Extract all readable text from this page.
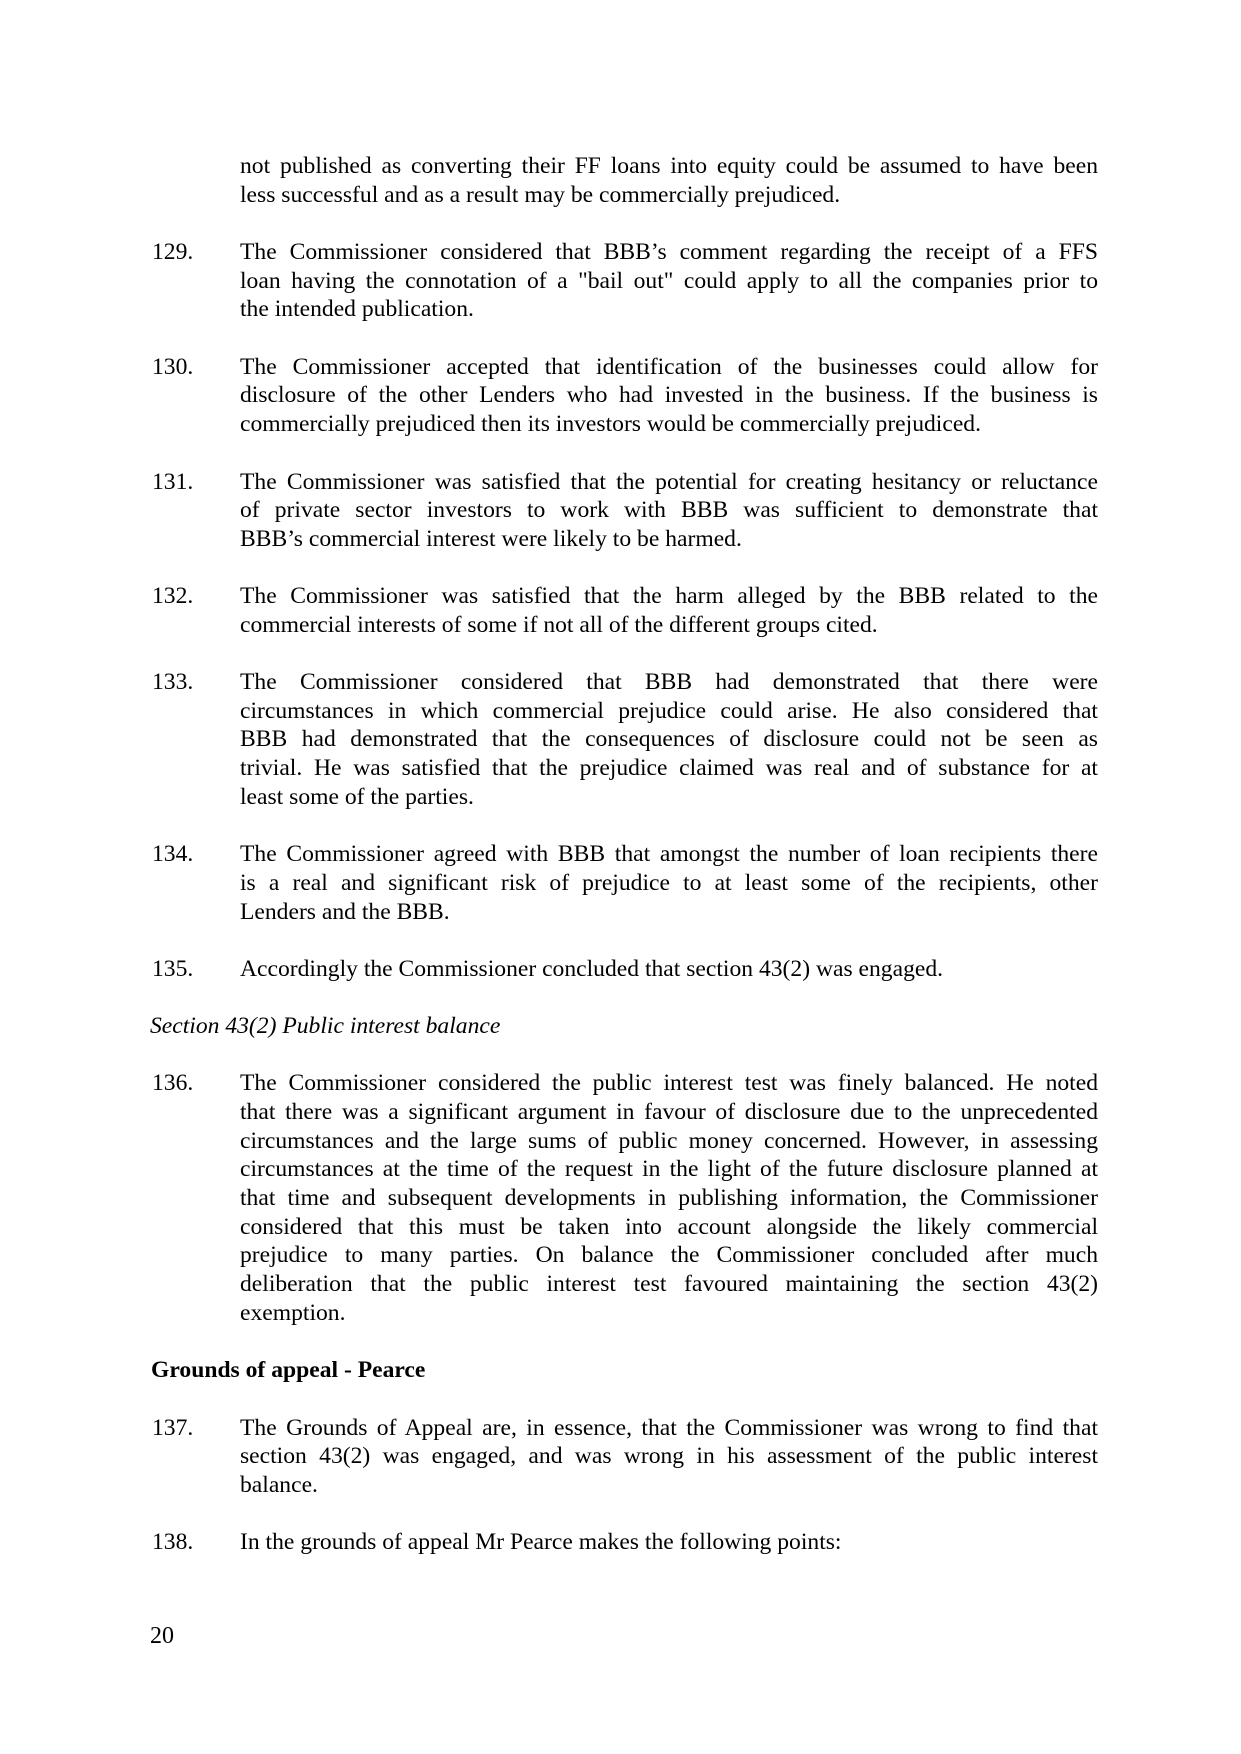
not published as converting their FF loans into equity could be assumed to have been
less successful and as a result may be commercially prejudiced.
129. The Commissioner considered that BBB’s comment regarding the receipt of a FFS
loan having the connotation of a "bail out" could apply to all the companies prior to
the intended publication.
130. The Commissioner accepted that identification of the businesses could allow for
disclosure of the other Lenders who had invested in the business. If the business is
commercially prejudiced then its investors would be commercially prejudiced.
131. The Commissioner was satisfied that the potential for creating hesitancy or reluctance
of private sector investors to work with BBB was sufficient to demonstrate that
BBB’s commercial interest were likely to be harmed.
132. The Commissioner was satisfied that the harm alleged by the BBB related to the
commercial interests of some if not all of the different groups cited.
133. The Commissioner considered that BBB had demonstrated that there were
circumstances in which commercial prejudice could arise. He also considered that
BBB had demonstrated that the consequences of disclosure could not be seen as
trivial. He was satisfied that the prejudice claimed was real and of substance for at
least some of the parties.
134. The Commissioner agreed with BBB that amongst the number of loan recipients there
is a real and significant risk of prejudice to at least some of the recipients, other
Lenders and the BBB.
135. Accordingly the Commissioner concluded that section 43(2) was engaged.
Section 43(2) Public interest balance
136. The Commissioner considered the public interest test was finely balanced. He noted
that there was a significant argument in favour of disclosure due to the unprecedented
circumstances and the large sums of public money concerned. However, in assessing
circumstances at the time of the request in the light of the future disclosure planned at
that time and subsequent developments in publishing information, the Commissioner
considered that this must be taken into account alongside the likely commercial
prejudice to many parties. On balance the Commissioner concluded after much
deliberation that the public interest test favoured maintaining the section 43(2)
exemption.
Grounds of appeal - Pearce
137. The Grounds of Appeal are, in essence, that the Commissioner was wrong to find that
section 43(2) was engaged, and was wrong in his assessment of the public interest
balance.
138. In the grounds of appeal Mr Pearce makes the following points:
20
